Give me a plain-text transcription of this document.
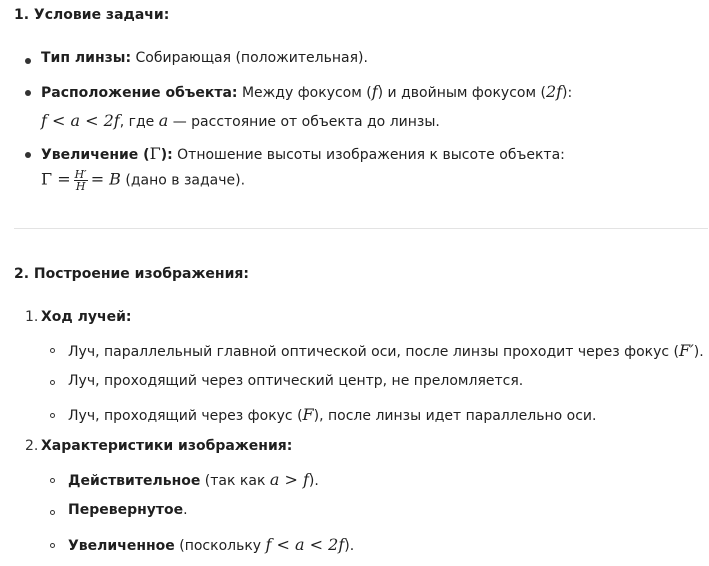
1. Условие задачи:
Тип линзы: Собирающая (положительная).
Расположение объекта: Между фокусом (f) и двойным фокусом (2f):
f < a < 2f, где a — расстояние от объекта до линзы.
Увеличение (Γ): Отношение высоты изображения к высоте объекта:
$\Gamma = \frac{H'}{H} = B$ (дано в задаче).
2. Построение изображения:
1. Ход лучей:
Луч, параллельный главной оптической оси, после линзы проходит через фокус (F′).
Луч, проходящий через оптический центр, не преломляется.
Луч, проходящий через фокус (F), после линзы идет параллельно оси.
2. Характеристики изображения:
Действительное (так как a > f).
Перевернутое.
Увеличенное (поскольку f < a < 2f).
